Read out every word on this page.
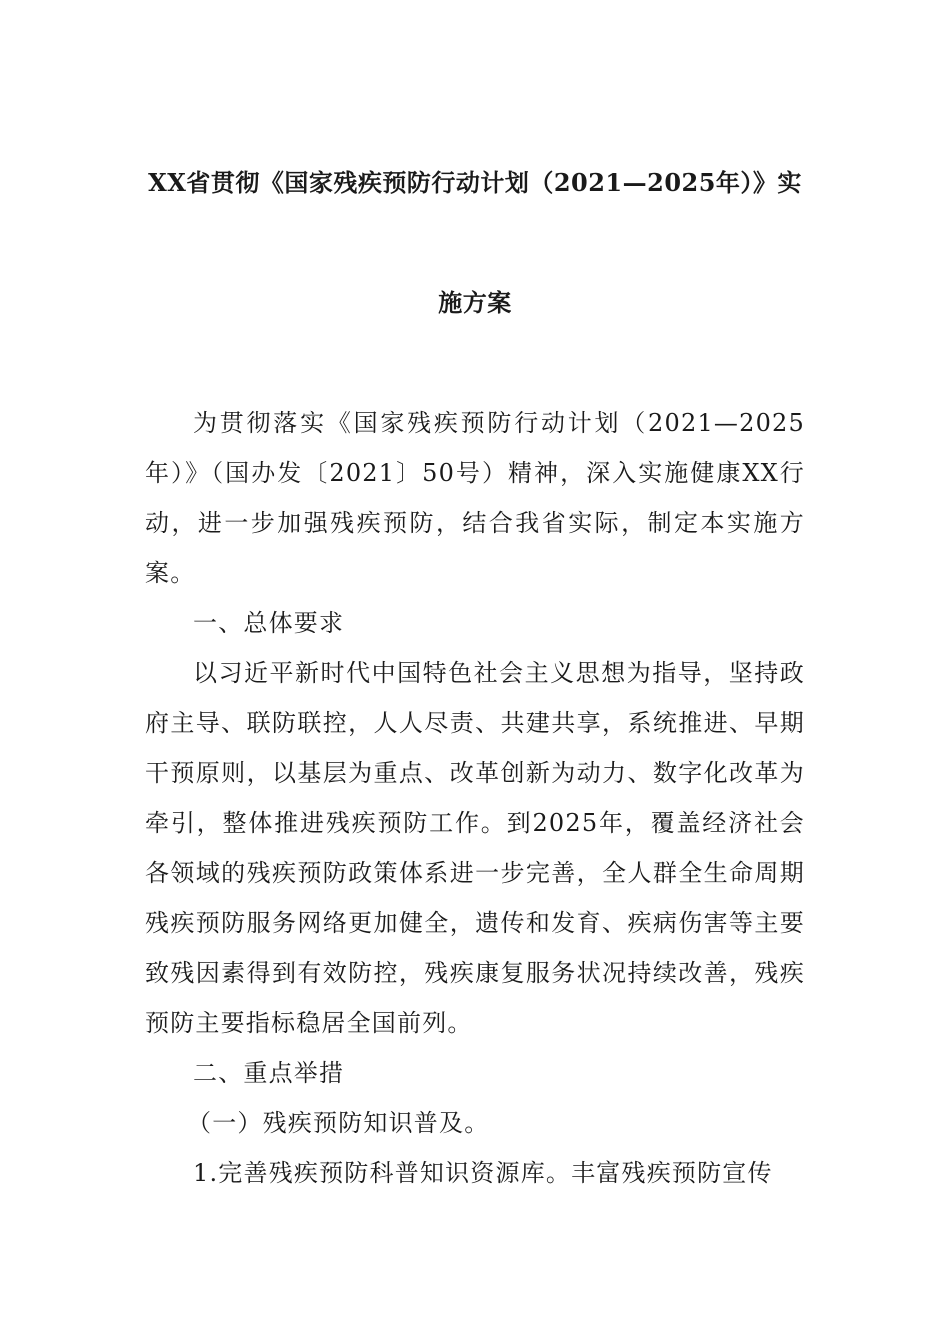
XX省贯彻《国家残疾预防行动计划（2021—2025年）》实
施方案

为贯彻落实《国家残疾预防行动计划（2021—2025年）》（国办发〔2021〕50号）精神，深入实施健康XX行动，进一步加强残疾预防，结合我省实际，制定本实施方案。

一、总体要求

以习近平新时代中国特色社会主义思想为指导，坚持政府主导、联防联控，人人尽责、共建共享，系统推进、早期干预原则，以基层为重点、改革创新为动力、数字化改革为牵引，整体推进残疾预防工作。到2025年，覆盖经济社会各领域的残疾预防政策体系进一步完善，全人群全生命周期残疾预防服务网络更加健全，遗传和发育、疾病伤害等主要致残因素得到有效防控，残疾康复服务状况持续改善，残疾预防主要指标稳居全国前列。

二、重点举措

（一）残疾预防知识普及。

1.完善残疾预防科普知识资源库。丰富残疾预防宣传
